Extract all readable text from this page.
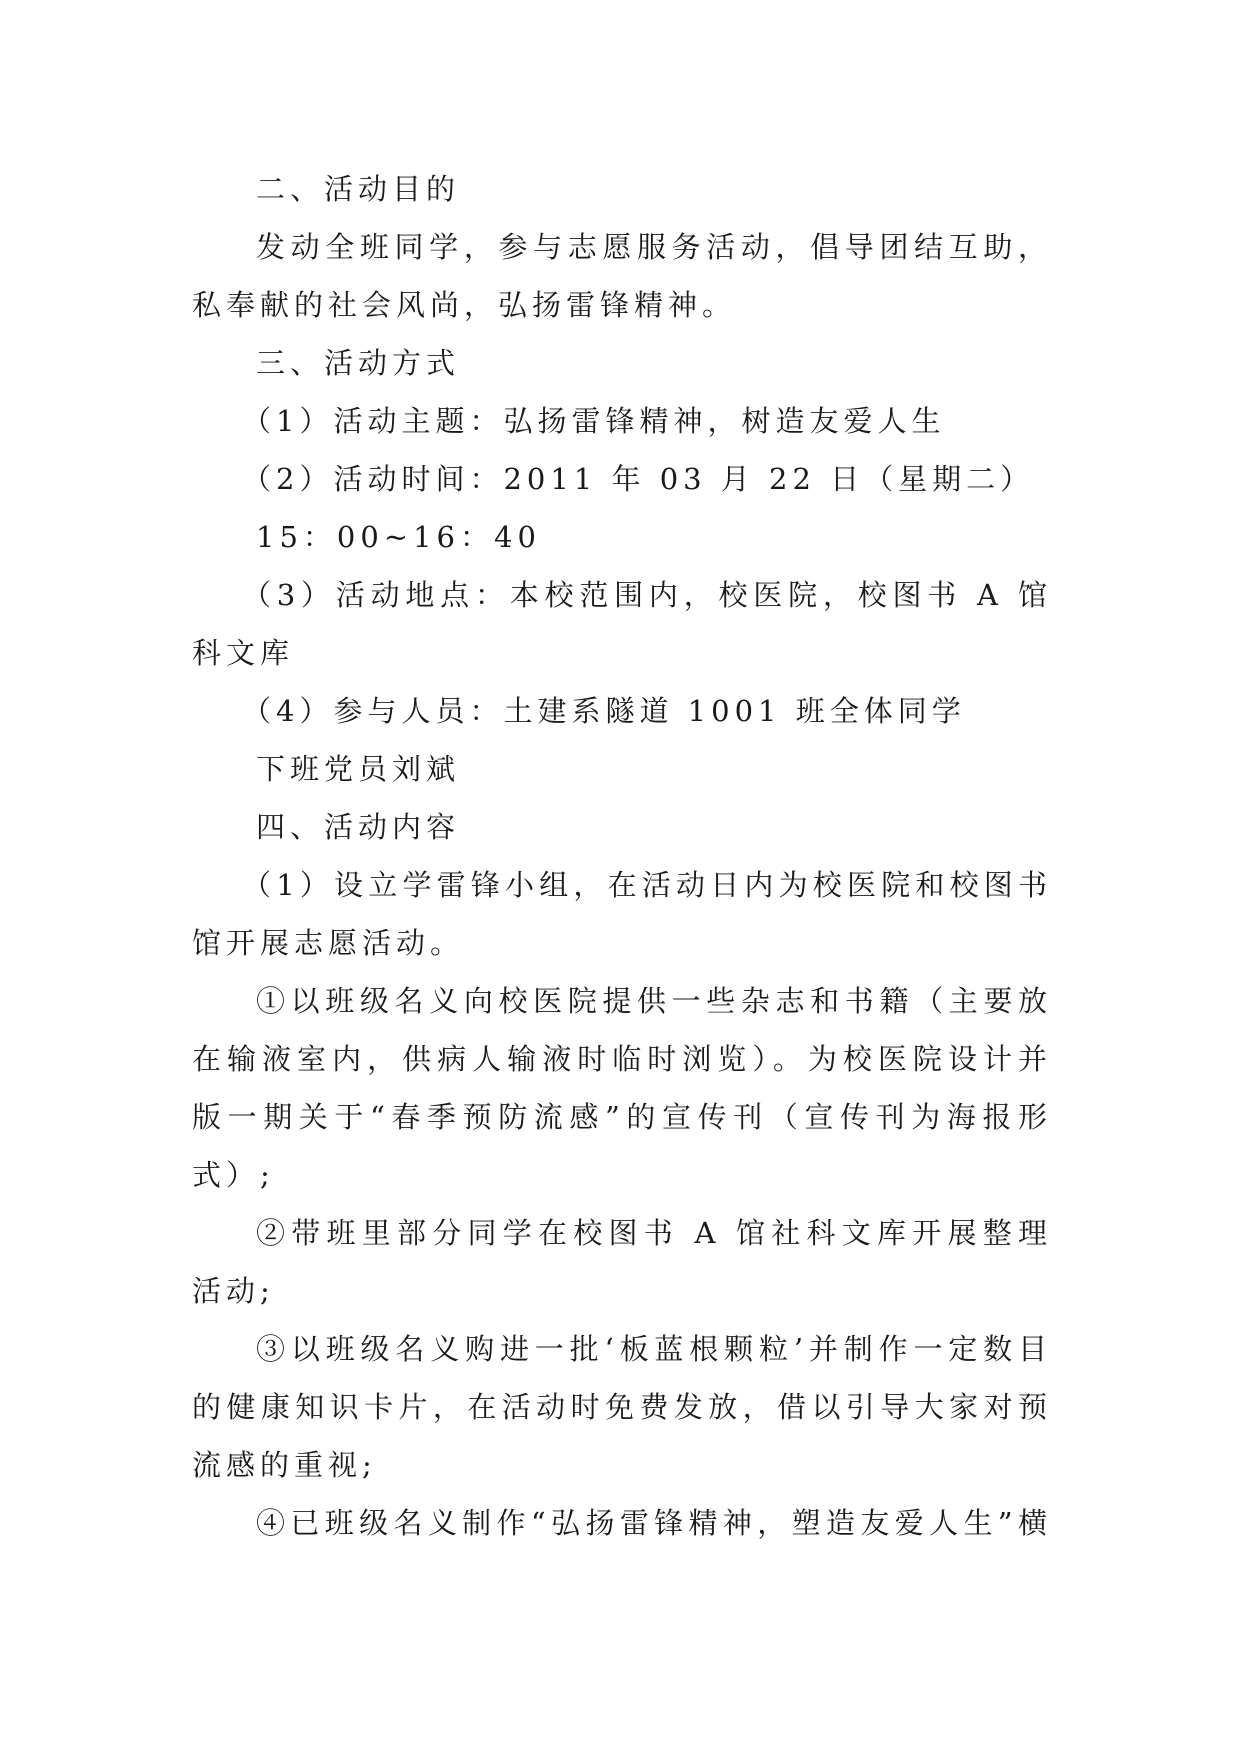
二、活动目的
发动全班同学，参与志愿服务活动，倡导团结互助，
私奉献的社会风尚，弘扬雷锋精神。
三、活动方式
（1）活动主题：弘扬雷锋精神，树造友爱人生
（2）活动时间：2011 年 03 月 22 日（星期二）
15：00~16：40
（3）活动地点：本校范围内，校医院，校图书 A 馆
科文库
（4）参与人员：土建系隧道 1001 班全体同学
下班党员刘斌
四、活动内容
（1）设立学雷锋小组，在活动日内为校医院和校图书
馆开展志愿活动。
①以班级名义向校医院提供一些杂志和书籍（主要放
在输液室内，供病人输液时临时浏览）。为校医院设计并
版一期关于“春季预防流感”的宣传刊（宣传刊为海报形
式）;
②带班里部分同学在校图书 A 馆社科文库开展整理
活动;
③以班级名义购进一批‘板蓝根颗粒’并制作一定数目
的健康知识卡片，在活动时免费发放，借以引导大家对预
流感的重视;
④已班级名义制作“弘扬雷锋精神，塑造友爱人生”横
